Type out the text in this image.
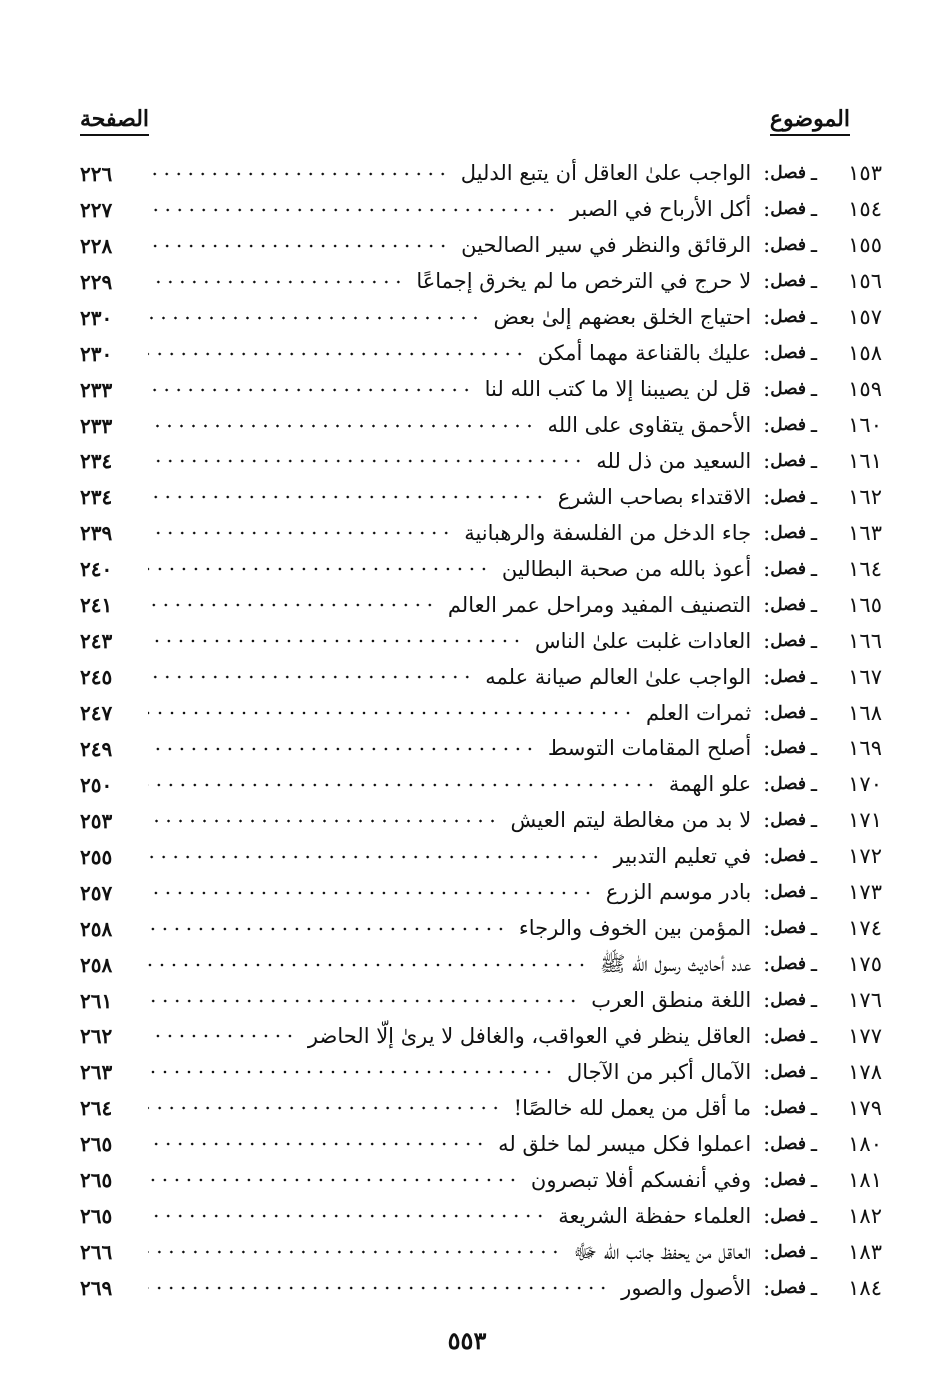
الموضوع
الصفحة
١٥٣
ـ
فصل
:
الواجب علىٰ العاقل أن يتبع الدليل
٢٢٦
١٥٤
ـ
فصل
:
أكل الأرباح في الصبر
٢٢٧
١٥٥
ـ
فصل
:
الرقائق والنظر في سير الصالحين
٢٢٨
١٥٦
ـ
فصل
:
لا حرج في الترخص ما لم يخرق إجماعًا
٢٢٩
١٥٧
ـ
فصل
:
احتياج الخلق بعضهم إلىٰ بعض
٢٣٠
١٥٨
ـ
فصل
:
عليك بالقناعة مهما أمكن
٢٣٠
١٥٩
ـ
فصل
:
قل لن يصيبنا إلا ما كتب الله لنا
٢٣٣
١٦٠
ـ
فصل
:
الأحمق يتقاوى على الله
٢٣٣
١٦١
ـ
فصل
:
السعيد من ذل لله
٢٣٤
١٦٢
ـ
فصل
:
الاقتداء بصاحب الشرع
٢٣٤
١٦٣
ـ
فصل
:
جاء الدخل من الفلسفة والرهبانية
٢٣٩
١٦٤
ـ
فصل
:
أعوذ بالله من صحبة البطالين
٢٤٠
١٦٥
ـ
فصل
:
التصنيف المفيد ومراحل عمر العالم
٢٤١
١٦٦
ـ
فصل
:
العادات غلبت علىٰ الناس
٢٤٣
١٦٧
ـ
فصل
:
الواجب علىٰ العالم صيانة علمه
٢٤٥
١٦٨
ـ
فصل
:
ثمرات العلم
٢٤٧
١٦٩
ـ
فصل
:
أصلح المقامات التوسط
٢٤٩
١٧٠
ـ
فصل
:
علو الهمة
٢٥٠
١٧١
ـ
فصل
:
لا بد من مغالطة ليتم العيش
٢٥٣
١٧٢
ـ
فصل
:
في تعليم التدبير
٢٥٥
١٧٣
ـ
فصل
:
بادر موسم الزرع
٢٥٧
١٧٤
ـ
فصل
:
المؤمن بين الخوف والرجاء
٢٥٨
١٧٥
ـ
فصل
:
عدد أحاديث رسول الله ﷺ
٢٥٨
١٧٦
ـ
فصل
:
اللغة منطق العرب
٢٦١
١٧٧
ـ
فصل
:
العاقل ينظر في العواقب، والغافل لا يرىٰ إلّا الحاضر
٢٦٢
١٧٨
ـ
فصل
:
الآمال أكبر من الآجال
٢٦٣
١٧٩
ـ
فصل
:
ما أقل من يعمل لله خالصًا!
٢٦٤
١٨٠
ـ
فصل
:
اعملوا فكل ميسر لما خلق له
٢٦٥
١٨١
ـ
فصل
:
وفي أنفسكم أفلا تبصرون
٢٦٥
١٨٢
ـ
فصل
:
العلماء حفظة الشريعة
٢٦٥
١٨٣
ـ
فصل
:
العاقل من يحفظ جانب الله ﷻ
٢٦٦
١٨٤
ـ
فصل
:
الأصول والصور
٢٦٩
٥٥٣
